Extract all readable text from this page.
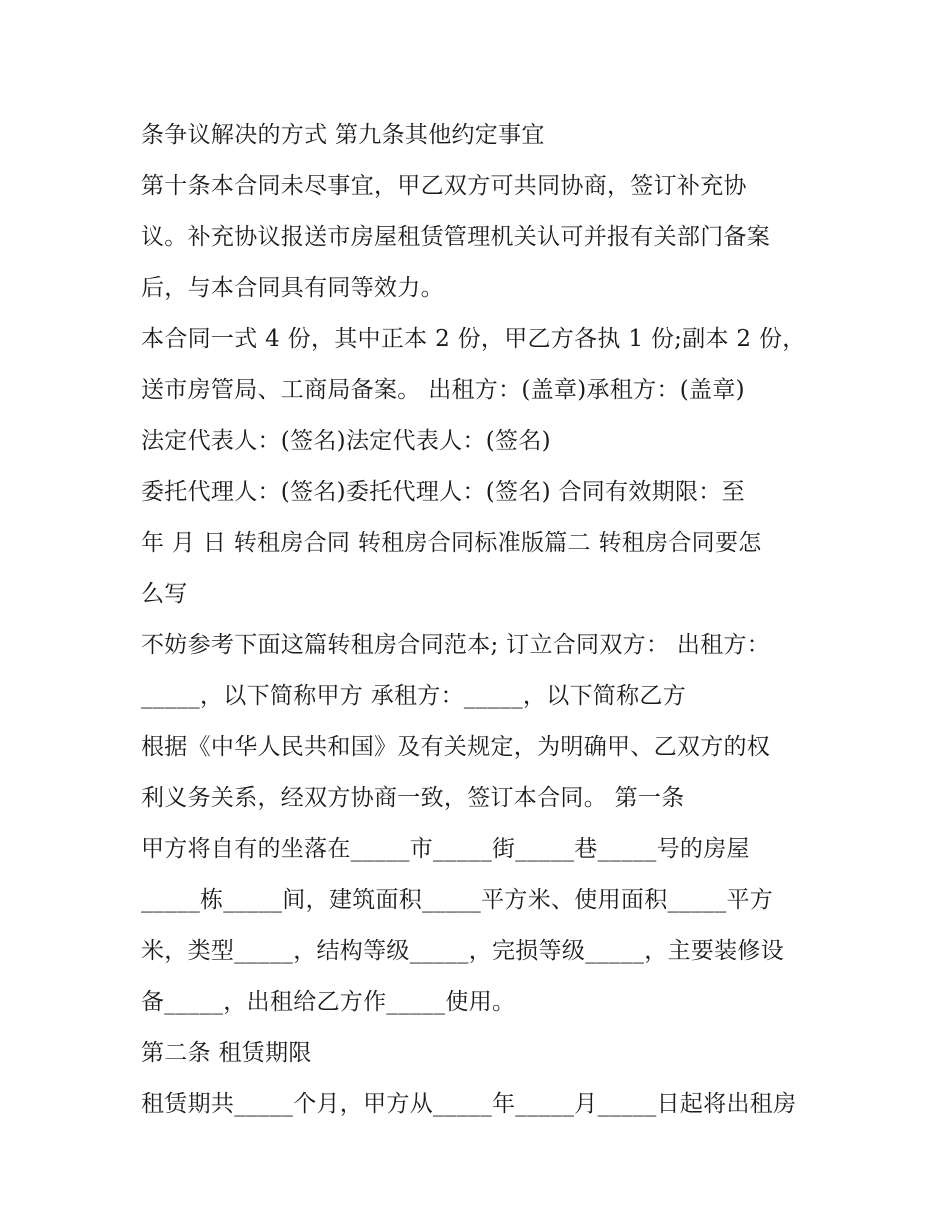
条争议解决的方式 第九条其他约定事宜
第十条本合同未尽事宜，甲乙双方可共同协商，签订补充协
议。补充协议报送市房屋租赁管理机关认可并报有关部门备案
后，与本合同具有同等效力。
本合同一式 4 份，其中正本 2 份，甲乙方各执 1 份;副本 2 份，
送市房管局、工商局备案。 出租方：(盖章)承租方：(盖章)
法定代表人：(签名)法定代表人：(签名)
委托代理人：(签名)委托代理人：(签名) 合同有效期限：至
年 月 日 转租房合同 转租房合同标准版篇二 转租房合同要怎
么写
不妨参考下面这篇转租房合同范本; 订立合同双方： 出租方：
_____，以下简称甲方 承租方：_____，以下简称乙方
根据《中华人民共和国》及有关规定，为明确甲、乙双方的权
利义务关系，经双方协商一致，签订本合同。 第一条
甲方将自有的坐落在_____市_____街_____巷_____号的房屋
_____栋_____间，建筑面积_____平方米、使用面积_____平方
米，类型_____，结构等级_____，完损等级_____，主要装修设
备_____，出租给乙方作_____使用。
第二条 租赁期限
租赁期共_____个月，甲方从_____年_____月_____日起将出租房
